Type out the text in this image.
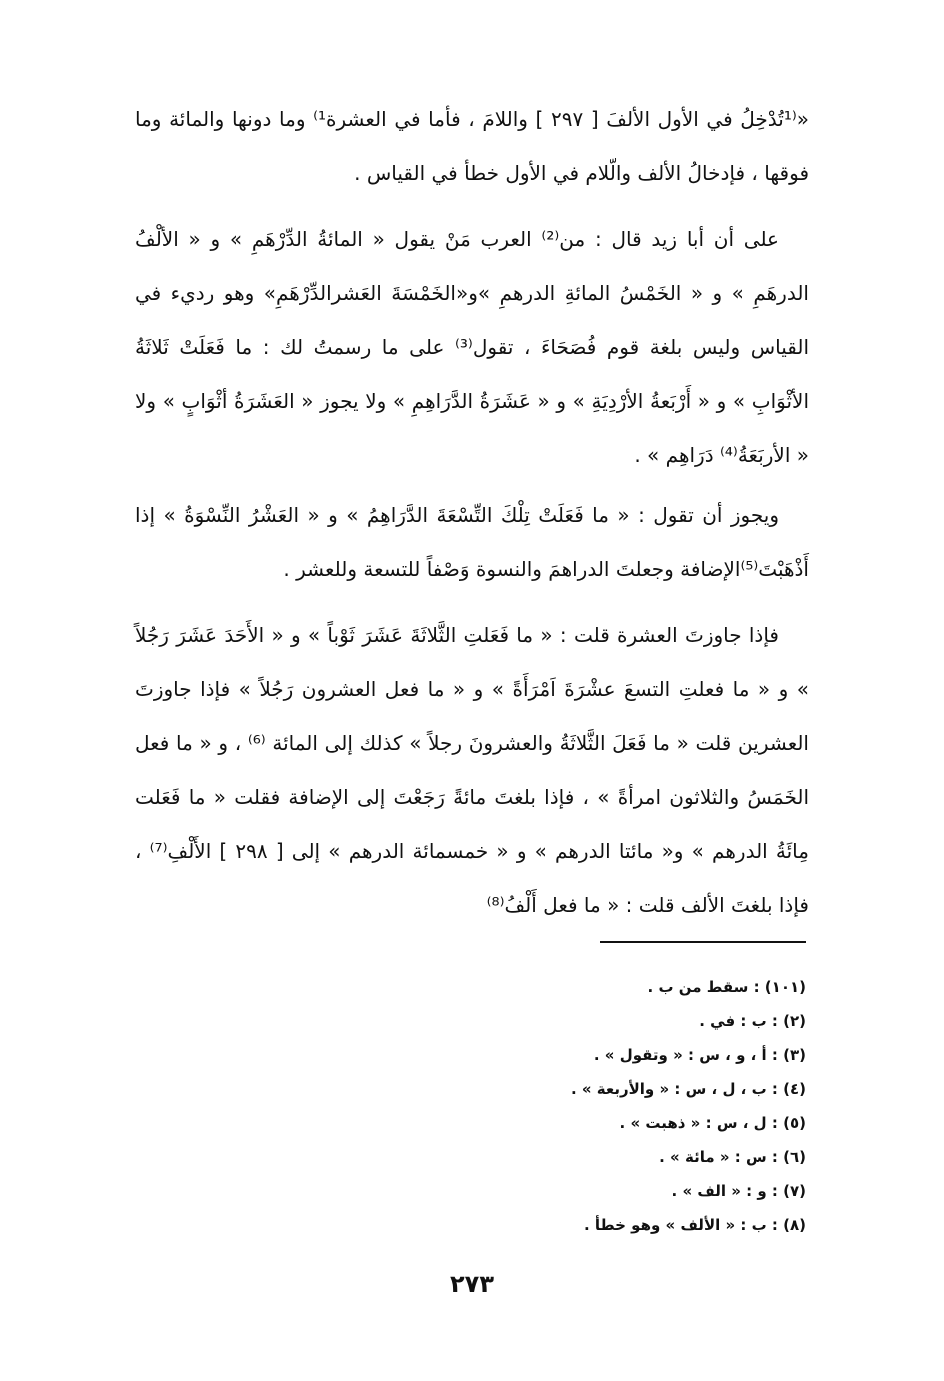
«⁽¹تُدْخِلُ في الأول الألفَ [ ٢٩٧ ] واللامَ ، فأما في العشرة¹⁾ وما دونها والمائة وما فوقها ، فإدخالُ الألف والّلام في الأول خطأ في القياس .

على أن أبا زيد قال : من⁽²⁾ العرب مَنْ يقول « المائةُ الدِّرْهَمِ » و « الألْفُ الدرهَمِ » و « الخَمْسُ المائةِ الدرهمِ »و«الخَمْسَةَ العَشرالدِّرْهَمِ» وهو رديء في القياس وليس بلغة قوم فُصَحَاءَ ، تقول⁽³⁾ على ما رسمتُ لك : ما فَعَلَتْ ثَلاثَةُ الأثْوَابِ » و « أَرْبَعةُ الأرْدِيَةِ » و « عَشَرَةُ الدَّرَاهِمِ » ولا يجوز « العَشَرَةُ أثْوَابٍ » ولا « الأربَعَةُ⁽⁴⁾ دَرَاهِم » .

ويجوز أن تقول : « ما فَعَلَتْ تِلْكَ التِّسْعَةَ الدَّرَاهِمُ » و « العَشْرُ النِّسْوَةُ » إذا أَذْهَبْتَ⁽⁵⁾الإضافة وجعلتَ الدراهمَ والنسوة وَصْفاً للتسعة وللعشر .

فإذا جاوزتَ العشرة قلت : « ما فَعَلتِ الثَّلاثَةَ عَشَرَ ثَوْباً » و « الأَحَدَ عَشَرَ رَجُلاً » و « ما فعلتِ التسعَ عشْرَةَ اَمْرَأَةً » و « ما فعل العشرون رَجُلاً » فإذا جاوزتَ العشرين قلت « ما فَعَلَ الثَّلاثَةُ والعشرونَ رجلاً » كذلك إلى المائة ⁽⁶⁾ ، و « ما فعل الخَمَسُ والثلاثون امرأةً » ، فإذا بلغتَ مائةً رَجَعْتَ إلى الإضافة فقلت « ما فَعَلت مِائَةُ الدرهم » و« مائتا الدرهم » و « خمسمائة الدرهم » إلى [ ٢٩٨ ] الأَلْفِ⁽⁷⁾ ، فإذا بلغتَ الألف قلت : « ما فعل أَلْفُ⁽⁸⁾

(١٠١) : سقط من ب .
(٢) : ب : في .
(٣) : أ ، و ، س : « وتقول » .
(٤) : ب ، ل ، س : « والأربعة » .
(٥) : ل ، س : « ذهبت » .
(٦) : س : « مائة » .
(٧) : و : « الف » .
(٨) : ب : « الألف » وهو خطأ .
٢٧٣
